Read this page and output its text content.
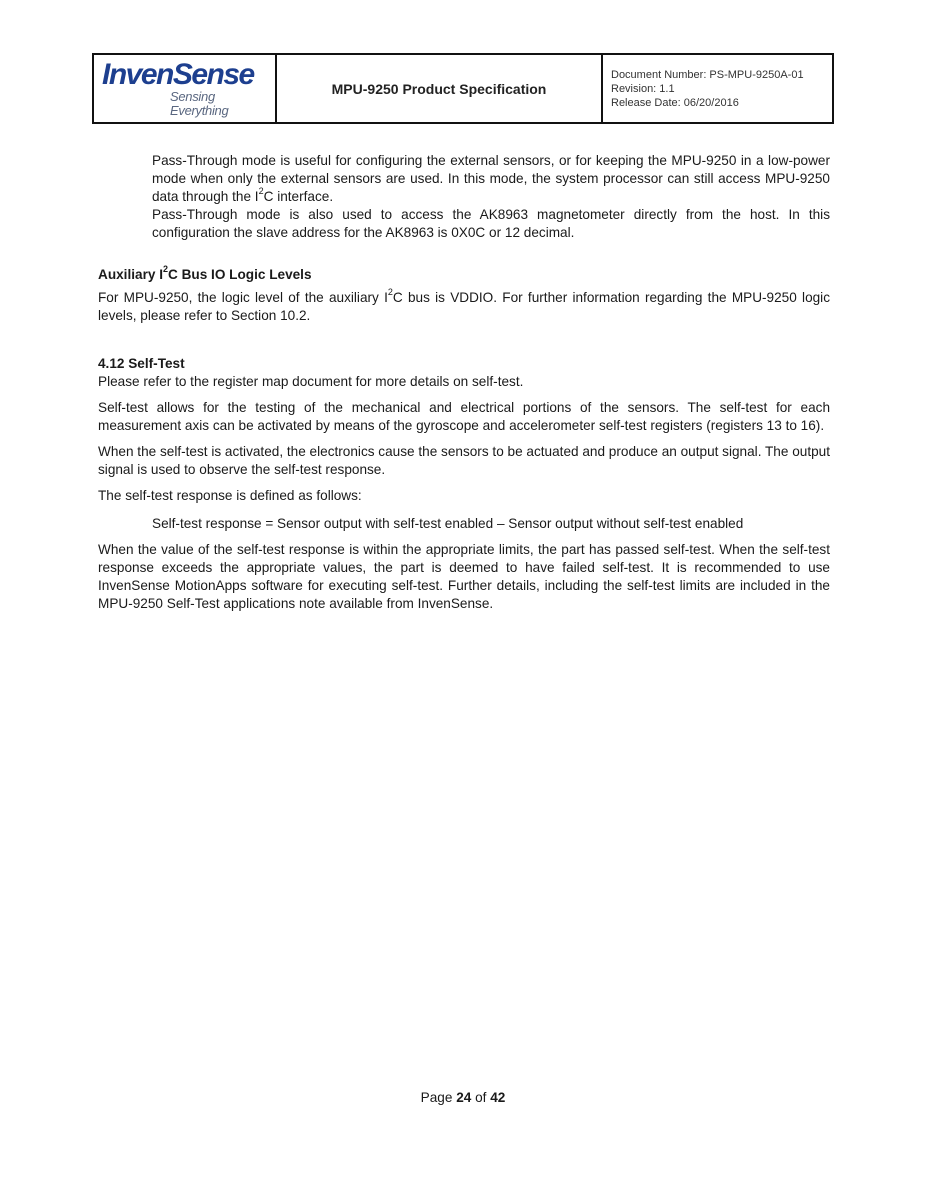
InvenSense
Sensing Everything
MPU-9250 Product Specification
Document Number: PS-MPU-9250A-01
Revision: 1.1
Release Date: 06/20/2016

Pass-Through mode is useful for configuring the external sensors, or for keeping the MPU-9250 in a low-power mode when only the external sensors are used. In this mode, the system processor can still access MPU-9250 data through the $I^2C$ interface.

Pass-Through mode is also used to access the AK8963 magnetometer directly from the host. In this configuration the slave address for the AK8963 is 0X0C or 12 decimal.

Auxiliary $I^2C$ Bus IO Logic Levels

For MPU-9250, the logic level of the auxiliary $I^2C$ bus is VDDIO. For further information regarding the MPU-9250 logic levels, please refer to Section 10.2.

4.12 Self-Test

Please refer to the register map document for more details on self-test.

Self-test allows for the testing of the mechanical and electrical portions of the sensors. The self-test for each measurement axis can be activated by means of the gyroscope and accelerometer self-test registers (registers 13 to 16).

When the self-test is activated, the electronics cause the sensors to be actuated and produce an output signal. The output signal is used to observe the self-test response.

The self-test response is defined as follows:

Self-test response = Sensor output with self-test enabled – Sensor output without self-test enabled

When the value of the self-test response is within the appropriate limits, the part has passed self-test. When the self-test response exceeds the appropriate values, the part is deemed to have failed self-test. It is recommended to use InvenSense MotionApps software for executing self-test. Further details, including the self-test limits are included in the MPU-9250 Self-Test applications note available from InvenSense.

Page 24 of 42
